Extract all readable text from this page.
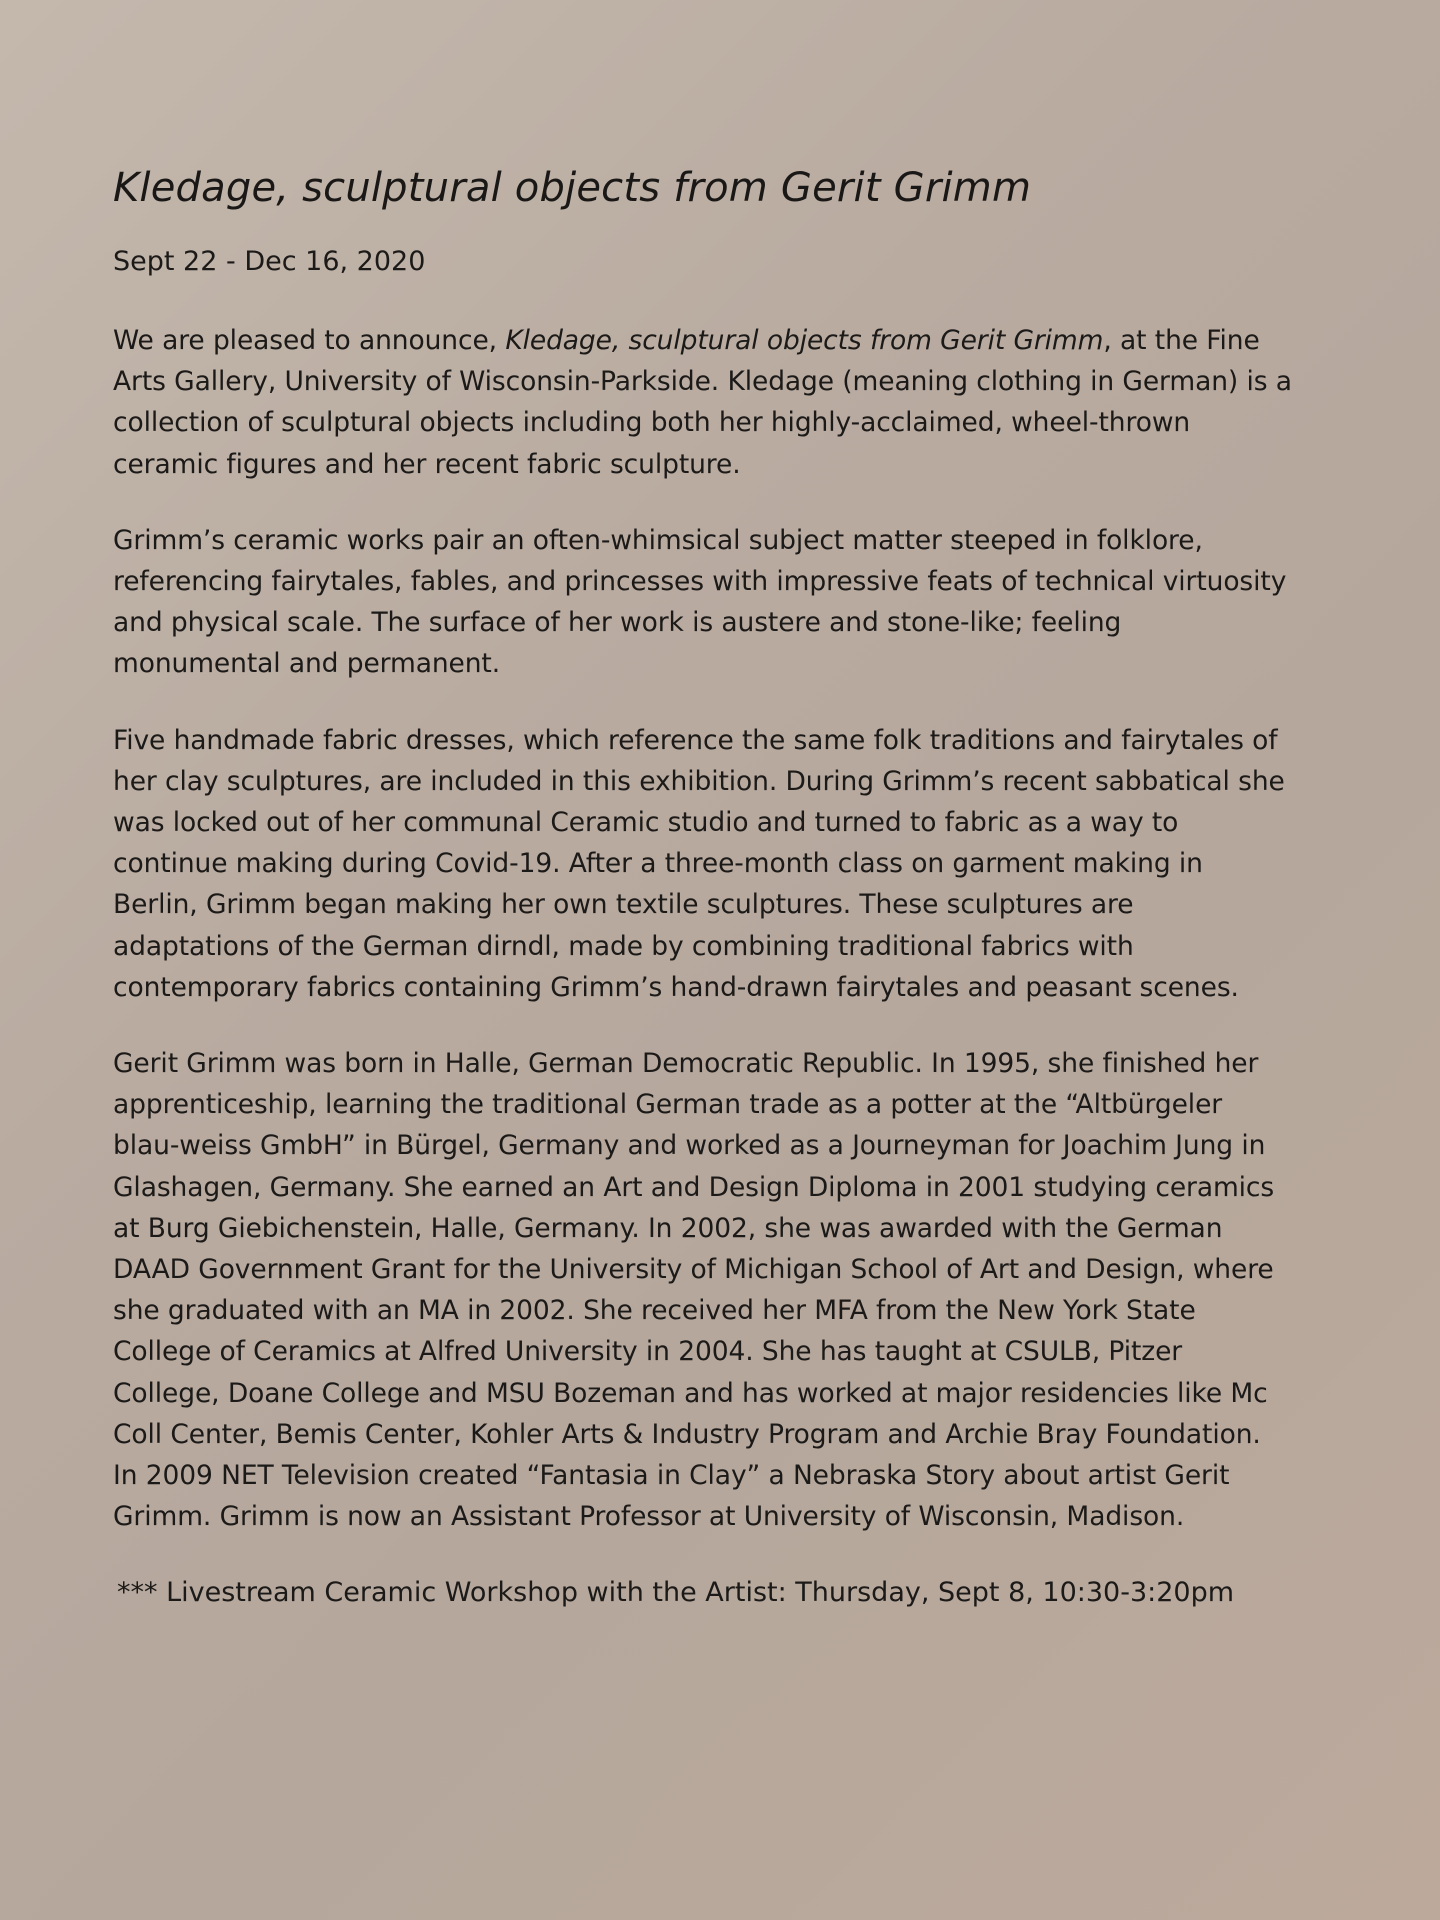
Kledage, sculptural objects from Gerit Grimm
Sept 22 - Dec 16, 2020

We are pleased to announce, Kledage, sculptural objects from Gerit Grimm, at the Fine Arts Gallery, University of Wisconsin-Parkside. Kledage (meaning clothing in German) is a collection of sculptural objects including both her highly-acclaimed, wheel-thrown ceramic figures and her recent fabric sculpture.

Grimm’s ceramic works pair an often-whimsical subject matter steeped in folklore, referencing fairytales, fables, and princesses with impressive feats of technical virtuosity and physical scale. The surface of her work is austere and stone-like; feeling monumental and permanent.

Five handmade fabric dresses, which reference the same folk traditions and fairytales of her clay sculptures, are included in this exhibition. During Grimm’s recent sabbatical she was locked out of her communal Ceramic studio and turned to fabric as a way to continue making during Covid-19. After a three-month class on garment making in Berlin, Grimm began making her own textile sculptures. These sculptures are adaptations of the German dirndl, made by combining traditional fabrics with contemporary fabrics containing Grimm’s hand-drawn fairytales and peasant scenes.

Gerit Grimm was born in Halle, German Democratic Republic. In 1995, she finished her apprenticeship, learning the traditional German trade as a potter at the “Altbürgeler blau-weiss GmbH” in Bürgel, Germany and worked as a Journeyman for Joachim Jung in Glashagen, Germany. She earned an Art and Design Diploma in 2001 studying ceramics at Burg Giebichenstein, Halle, Germany. In 2002, she was awarded with the German DAAD Government Grant for the University of Michigan School of Art and Design, where she graduated with an MA in 2002. She received her MFA from the New York State College of Ceramics at Alfred University in 2004. She has taught at CSULB, Pitzer College, Doane College and MSU Bozeman and has worked at major residencies like Mc Coll Center, Bemis Center, Kohler Arts & Industry Program and Archie Bray Foundation. In 2009 NET Television created “Fantasia in Clay” a Nebraska Story about artist Gerit Grimm. Grimm is now an Assistant Professor at University of Wisconsin, Madison.

*** Livestream Ceramic Workshop with the Artist: Thursday, Sept 8, 10:30-3:20pm
